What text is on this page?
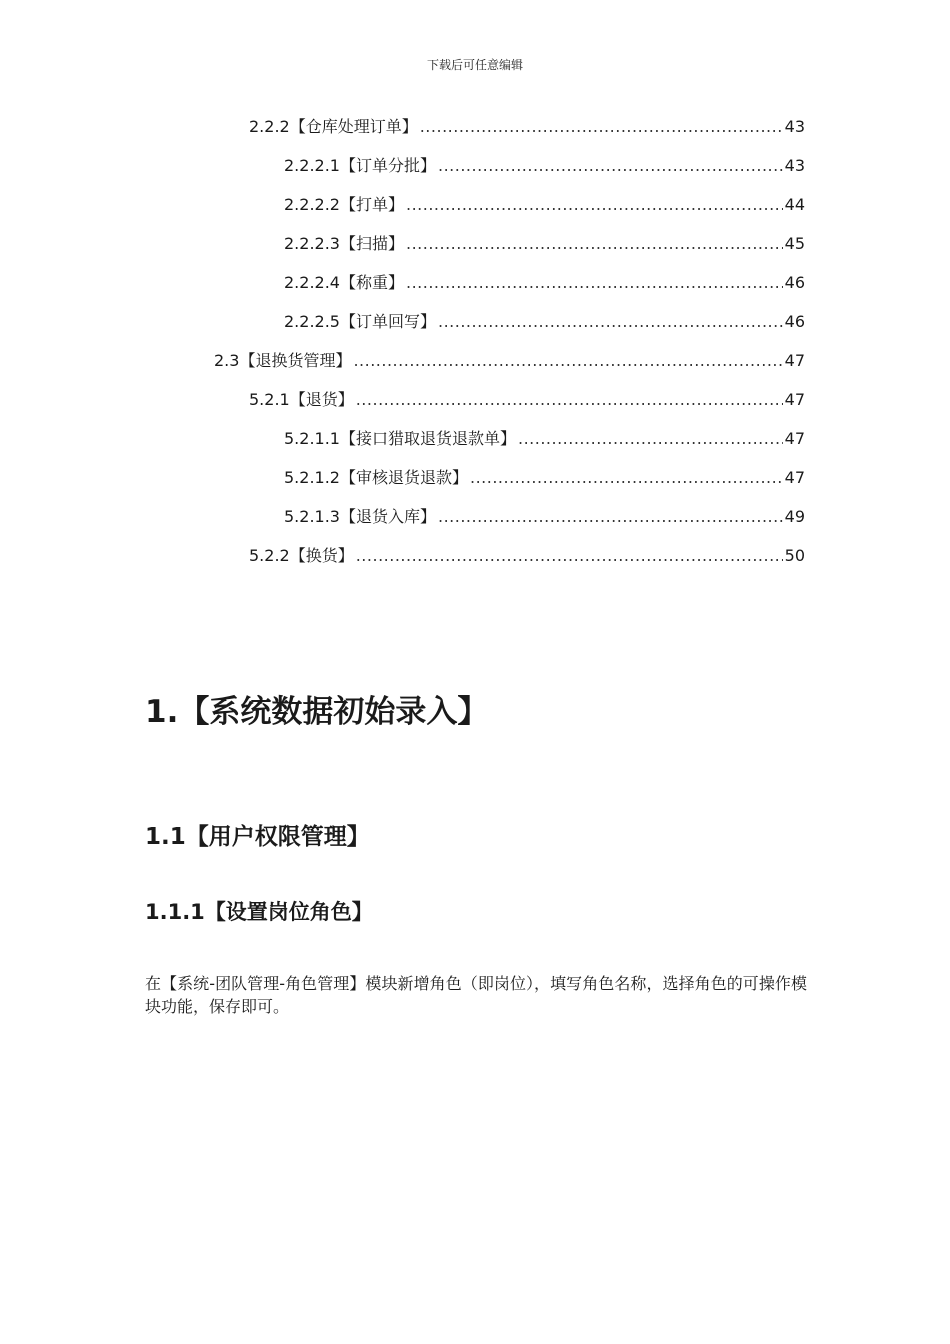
下载后可任意编辑
2.2.2【仓库处理订单】 .....	43
2.2.2.1【订单分批】 .....	43
2.2.2.2【打单】 .....	44
2.2.2.3【扫描】 .....	45
2.2.2.4【称重】 .....	46
2.2.2.5【订单回写】 .....	46
2.3【退换货管理】 .....	47
5.2.1【退货】 .....	47
5.2.1.1【接口猎取退货退款单】 .....	47
5.2.1.2【审核退货退款】 .....	47
5.2.1.3【退货入库】 .....	49
5.2.2【换货】 .....	50
1.【系统数据初始录入】
1.1【用户权限管理】
1.1.1【设置岗位角色】
在【系统-团队管理-角色管理】模块新增角色（即岗位），填写角色名称，选择角色的可操作模块功能，保存即可。
